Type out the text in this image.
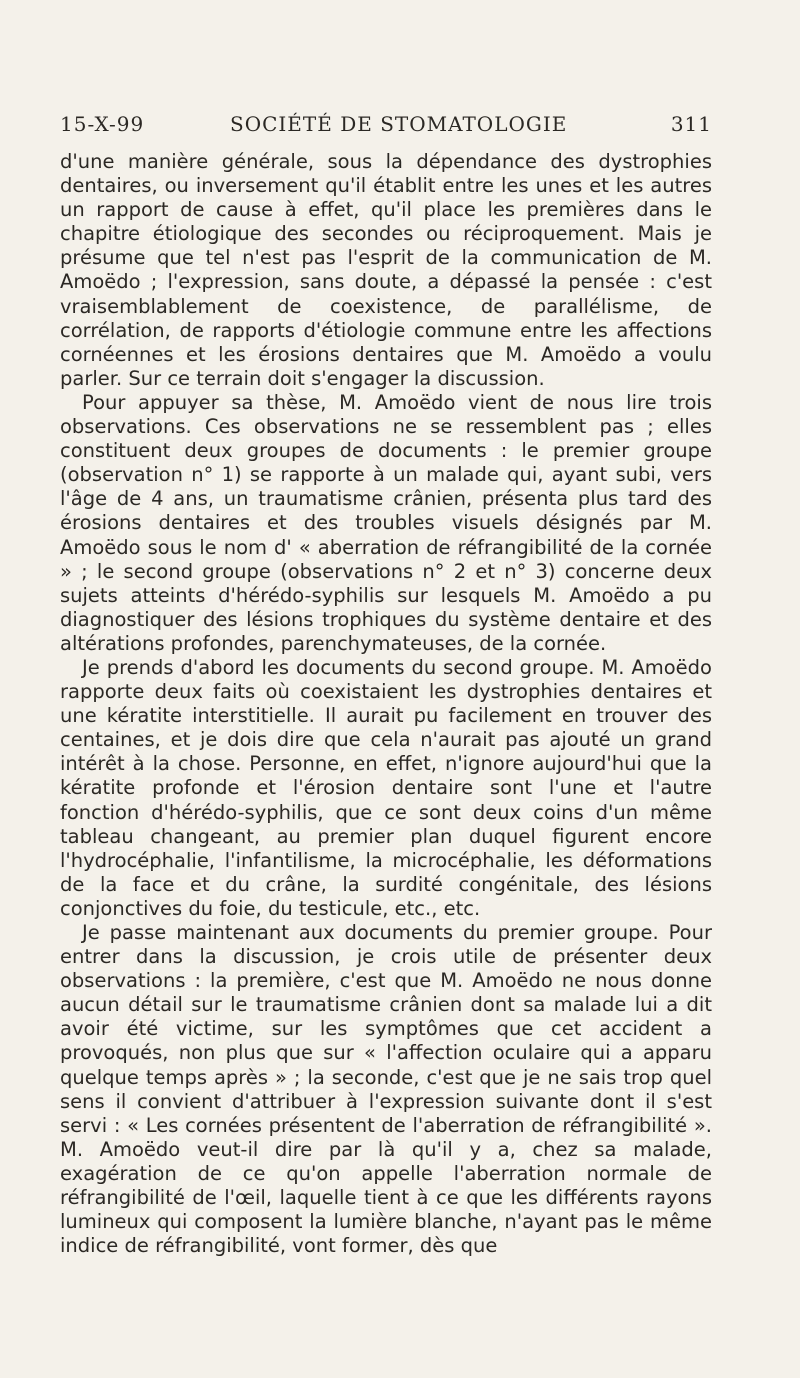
15-X-99	SOCIÉTÉ DE STOMATOLOGIE	311

d'une manière générale, sous la dépendance des dystrophies dentaires, ou inversement qu'il établit entre les unes et les autres un rapport de cause à effet, qu'il place les premières dans le chapitre étiologique des secondes ou réciproquement. Mais je présume que tel n'est pas l'esprit de la communication de M. Amoëdo ; l'expression, sans doute, a dépassé la pensée : c'est vraisemblablement de coexistence, de parallélisme, de corrélation, de rapports d'étiologie commune entre les affections cornéennes et les érosions dentaires que M. Amoëdo a voulu parler. Sur ce terrain doit s'engager la discussion.

Pour appuyer sa thèse, M. Amoëdo vient de nous lire trois observations. Ces observations ne se ressemblent pas ; elles constituent deux groupes de documents : le premier groupe (observation n° 1) se rapporte à un malade qui, ayant subi, vers l'âge de 4 ans, un traumatisme crânien, présenta plus tard des érosions dentaires et des troubles visuels désignés par M. Amoëdo sous le nom d' « aberration de réfrangibilité de la cornée » ; le second groupe (observations n° 2 et n° 3) concerne deux sujets atteints d'hérédo-syphilis sur lesquels M. Amoëdo a pu diagnostiquer des lésions trophiques du système dentaire et des altérations profondes, parenchymateuses, de la cornée.

Je prends d'abord les documents du second groupe. M. Amoëdo rapporte deux faits où coexistaient les dystrophies dentaires et une kératite interstitielle. Il aurait pu facilement en trouver des centaines, et je dois dire que cela n'aurait pas ajouté un grand intérêt à la chose. Personne, en effet, n'ignore aujourd'hui que la kératite profonde et l'érosion dentaire sont l'une et l'autre fonction d'hérédo-syphilis, que ce sont deux coins d'un même tableau changeant, au premier plan duquel figurent encore l'hydrocéphalie, l'infantilisme, la microcéphalie, les déformations de la face et du crâne, la surdité congénitale, des lésions conjonctives du foie, du testicule, etc., etc.

Je passe maintenant aux documents du premier groupe. Pour entrer dans la discussion, je crois utile de présenter deux observations : la première, c'est que M. Amoëdo ne nous donne aucun détail sur le traumatisme crânien dont sa malade lui a dit avoir été victime, sur les symptômes que cet accident a provoqués, non plus que sur « l'affection oculaire qui a apparu quelque temps après » ; la seconde, c'est que je ne sais trop quel sens il convient d'attribuer à l'expression suivante dont il s'est servi : « Les cornées présentent de l'aberration de réfrangibilité ». M. Amoëdo veut-il dire par là qu'il y a, chez sa malade, exagération de ce qu'on appelle l'aberration normale de réfrangibilité de l'œil, laquelle tient à ce que les différents rayons lumineux qui composent la lumière blanche, n'ayant pas le même indice de réfrangibilité, vont former, dès que
